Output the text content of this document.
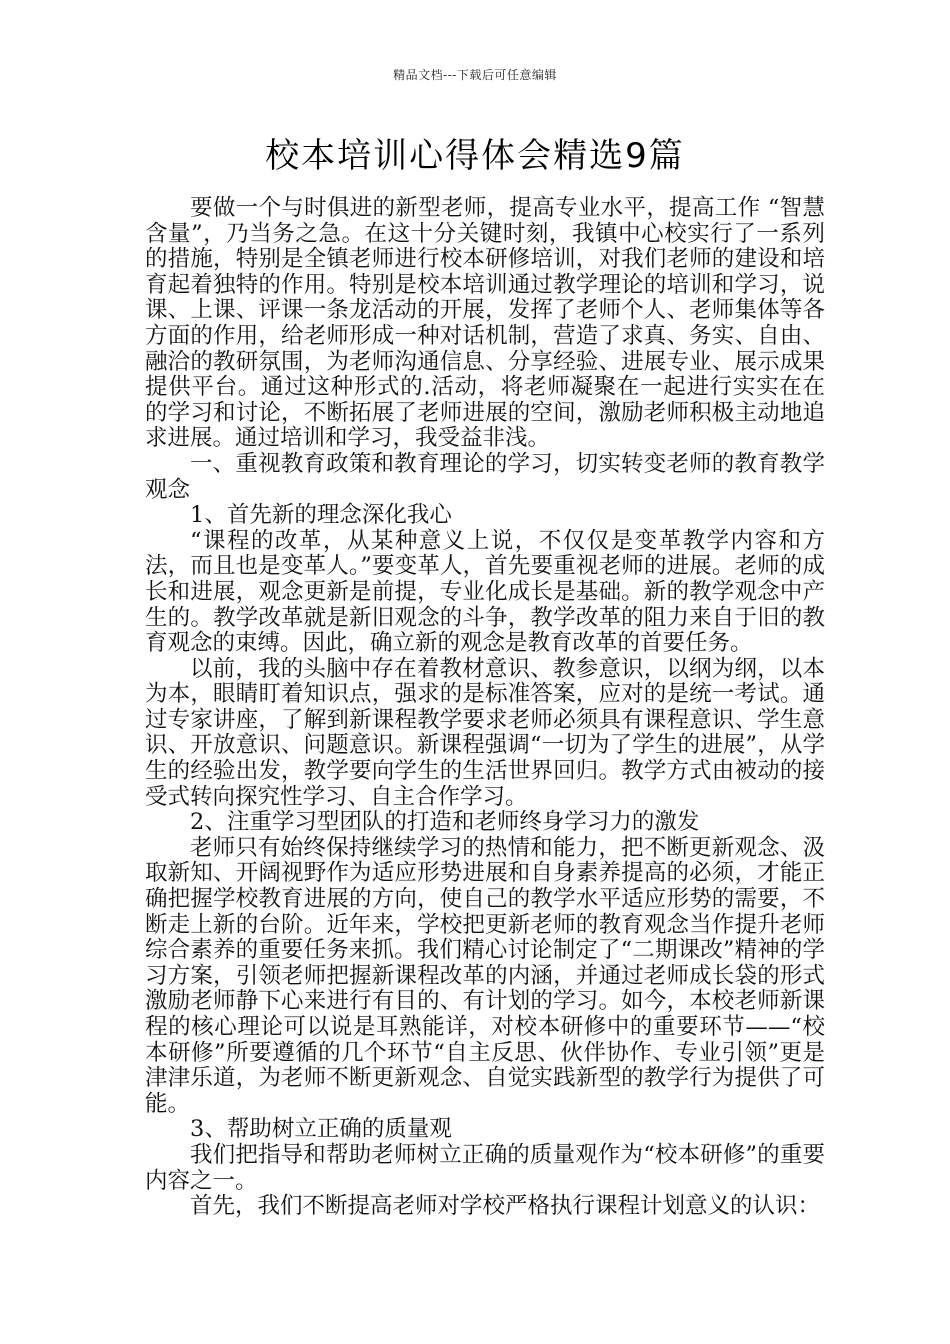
精品文档---下载后可任意编辑
校本培训心得体会精选9篇

要做一个与时俱进的新型老师，提高专业水平，提高工作 “智慧含量”，乃当务之急。在这十分关键时刻，我镇中心校实行了一系列的措施，特别是全镇老师进行校本研修培训，对我们老师的建设和培育起着独特的作用。特别是校本培训通过教学理论的培训和学习，说课、上课、评课一条龙活动的开展，发挥了老师个人、老师集体等各方面的作用，给老师形成一种对话机制，营造了求真、务实、自由、融洽的教研氛围，为老师沟通信息、分享经验、进展专业、展示成果提供平台。通过这种形式的.活动，将老师凝聚在一起进行实实在在的学习和讨论，不断拓展了老师进展的空间，激励老师积极主动地追求进展。通过培训和学习，我受益非浅。

一、重视教育政策和教育理论的学习，切实转变老师的教育教学观念

1、首先新的理念深化我心

“课程的改革，从某种意义上说，不仅仅是变革教学内容和方法，而且也是变革人。”要变革人，首先要重视老师的进展。老师的成长和进展，观念更新是前提，专业化成长是基础。新的教学观念中产生的。教学改革就是新旧观念的斗争，教学改革的阻力来自于旧的教育观念的束缚。因此，确立新的观念是教育改革的首要任务。

以前，我的头脑中存在着教材意识、教参意识，以纲为纲，以本为本，眼睛盯着知识点，强求的是标准答案，应对的是统一考试。通过专家讲座，了解到新课程教学要求老师必须具有课程意识、学生意识、开放意识、问题意识。新课程强调“一切为了学生的进展”，从学生的经验出发，教学要向学生的生活世界回归。教学方式由被动的接受式转向探究性学习、自主合作学习。

2、注重学习型团队的打造和老师终身学习力的激发

老师只有始终保持继续学习的热情和能力，把不断更新观念、汲取新知、开阔视野作为适应形势进展和自身素养提高的必须，才能正确把握学校教育进展的方向，使自己的教学水平适应形势的需要，不断走上新的台阶。近年来，学校把更新老师的教育观念当作提升老师综合素养的重要任务来抓。我们精心讨论制定了“二期课改”精神的学习方案，引领老师把握新课程改革的内涵，并通过老师成长袋的形式激励老师静下心来进行有目的、有计划的学习。如今，本校老师新课程的核心理论可以说是耳熟能详，对校本研修中的重要环节——“校本研修”所要遵循的几个环节“自主反思、伙伴协作、专业引领”更是津津乐道，为老师不断更新观念、自觉实践新型的教学行为提供了可能。

3、帮助树立正确的质量观

我们把指导和帮助老师树立正确的质量观作为“校本研修”的重要内容之一。

首先，我们不断提高老师对学校严格执行课程计划意义的认识：
